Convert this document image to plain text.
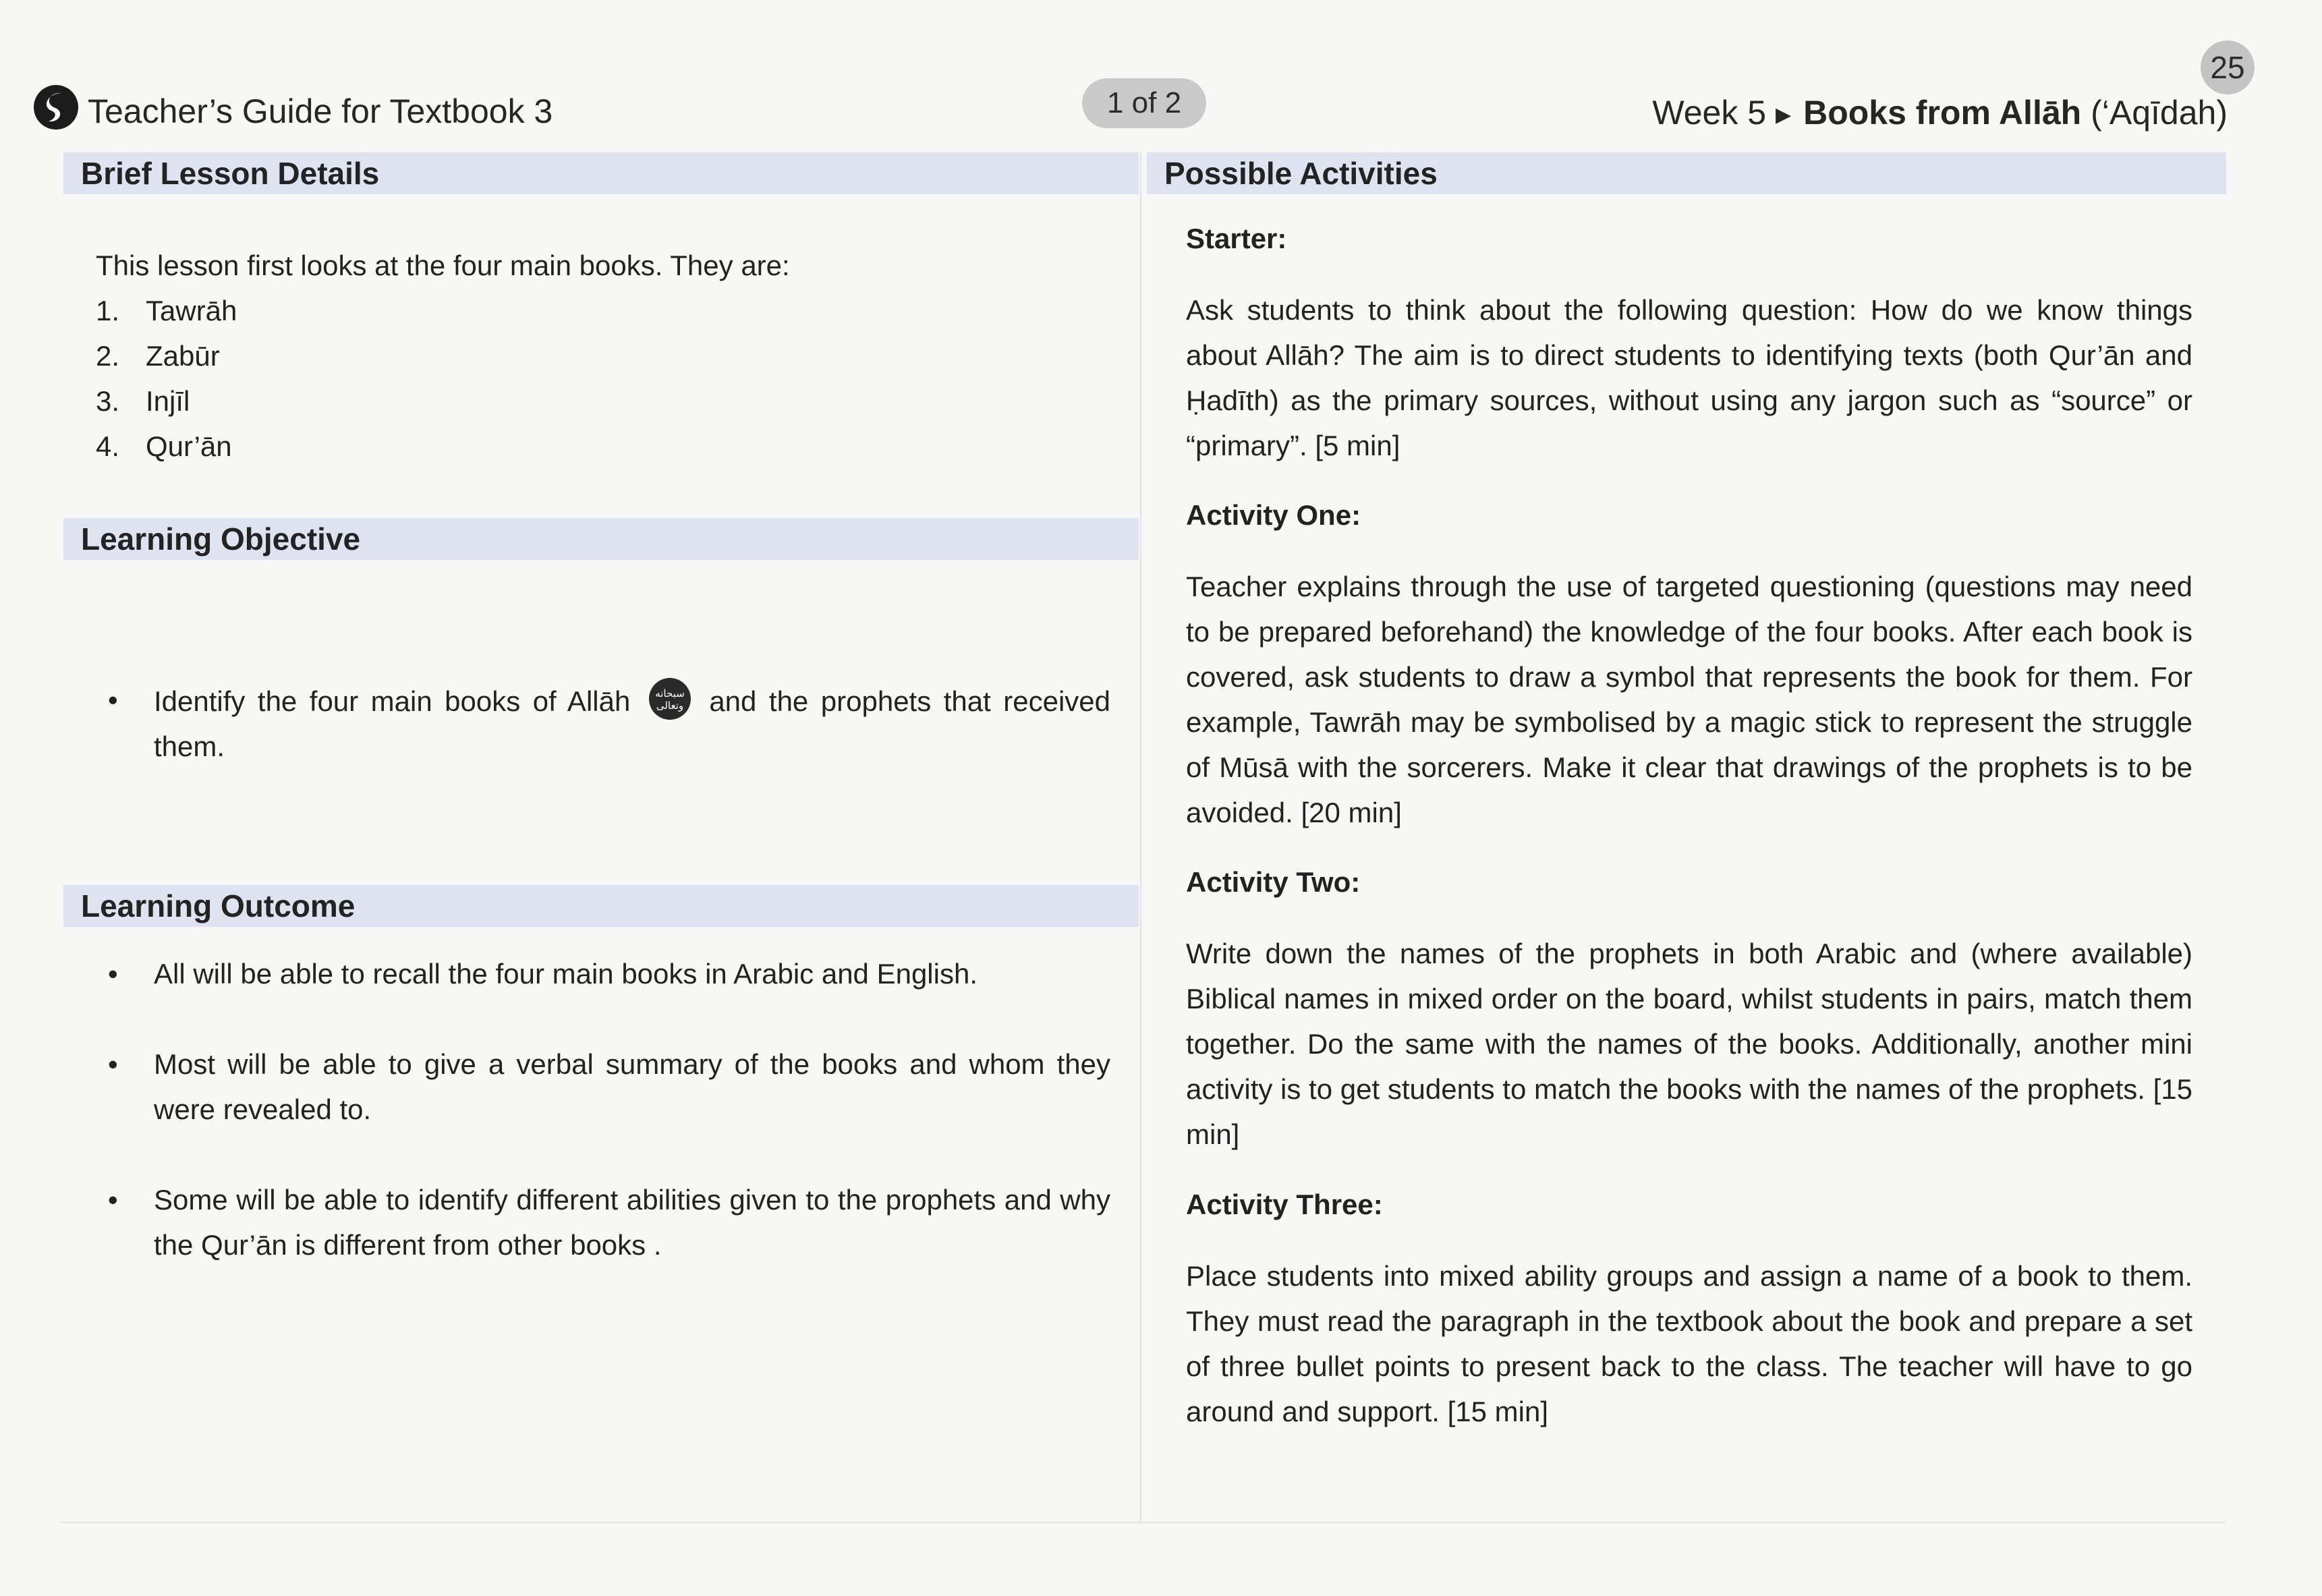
Teacher’s Guide for Textbook 3	1 of 2
25
Week 5 ▶ Books from Allāh (‘Aqīdah)
Brief Lesson Details
This lesson first looks at the four main books. They are:
1. Tawrāh
2. Zabūr
3. Injīl
4. Qur’ān
Learning Objective
• Identify the four main books of Allāh سبحانه
وتعالى and the prophets that received them.
Learning Outcome
• All will be able to recall the four main books in Arabic and English.
• Most will be able to give a verbal summary of the books and whom they were revealed to.
• Some will be able to identify different abilities given to the prophets and why the Qur’ān is different from other books .
Possible Activities
Starter:
Ask students to think about the following question: How do we know things about Allāh? The aim is to direct students to identifying texts (both Qur’ān and Ḥadīth) as the primary sources, without using any jargon such as “source” or “primary”. [5 min]
Activity One:
Teacher explains through the use of targeted questioning (questions may need to be prepared beforehand) the knowledge of the four books. After each book is covered, ask students to draw a symbol that represents the book for them. For example, Tawrāh may be symbolised by a magic stick to represent the struggle of Mūsā with the sorcerers. Make it clear that drawings of the prophets is to be avoided. [20 min]
Activity Two:
Write down the names of the prophets in both Arabic and (where available) Biblical names in mixed order on the board, whilst students in pairs, match them together. Do the same with the names of the books. Additionally, another mini activity is to get students to match the books with the names of the prophets. [15 min]
Activity Three:
Place students into mixed ability groups and assign a name of a book to them. They must read the paragraph in the textbook about the book and prepare a set of three bullet points to present back to the class. The teacher will have to go around and support. [15 min]
